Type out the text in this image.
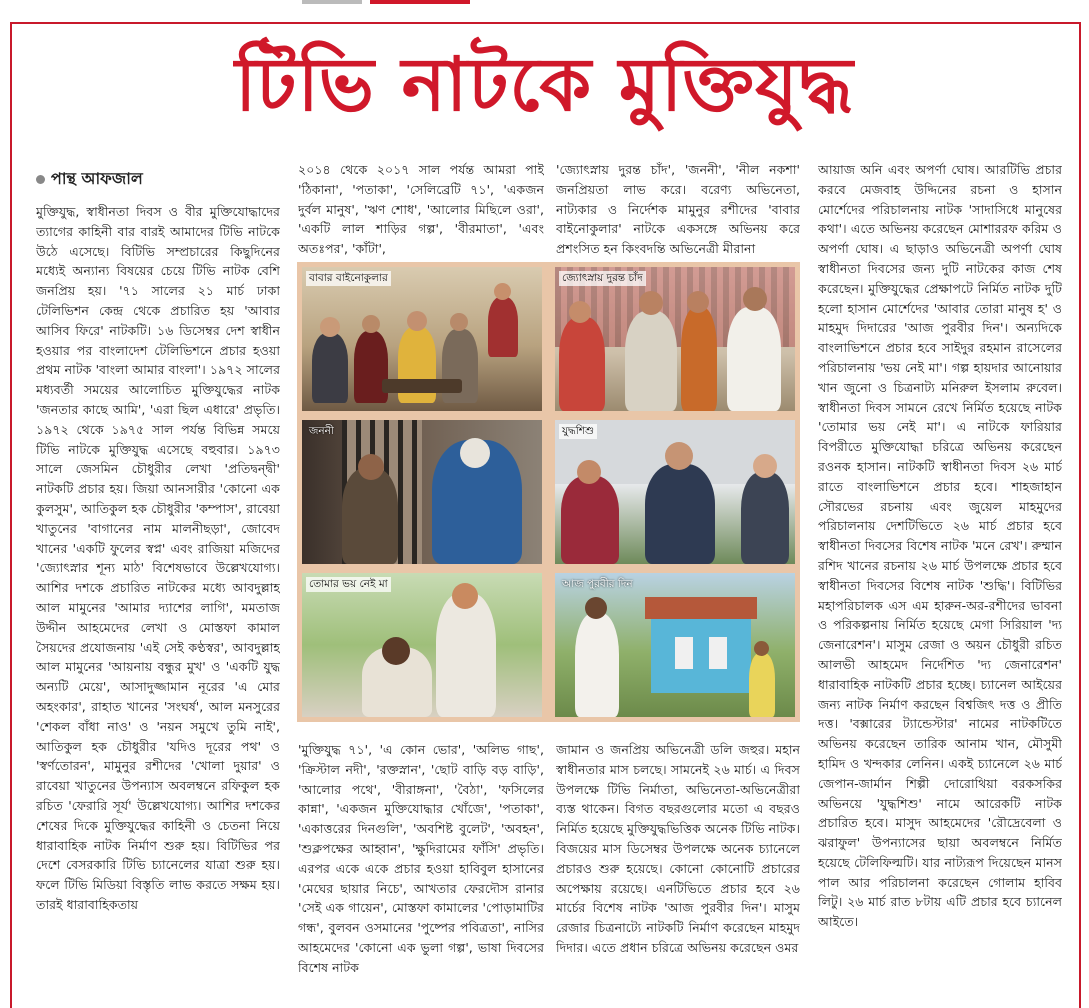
টিভি নাটকে মুক্তিযুদ্ধ
পান্থ আফজাল

মুক্তিযুদ্ধ, স্বাধীনতা দিবস ও বীর মুক্তিযোদ্ধাদের ত্যাগের কাহিনী বার বারই আমাদের টিভি নাটকে উঠে এসেছে। বিটিভি সম্প্রচারের কিছুদিনের মধ্যেই অন্যান্য বিষয়ের চেয়ে টিভি নাটক বেশি জনপ্রিয় হয়। '৭১ সালের ২১ মার্চ ঢাকা টেলিভিশন কেন্দ্র থেকে প্রচারিত হয় 'আবার আসিব ফিরে' নাটকটি। ১৬ ডিসেম্বর দেশ স্বাধীন হওয়ার পর বাংলাদেশ টেলিভিশনে প্রচার হওয়া প্রথম নাটক 'বাংলা আমার বাংলা'। ১৯৭২ সালের মধ্যবর্তী সময়ের আলোচিত মুক্তিযুদ্ধের নাটক 'জনতার কাছে আমি', 'এরা ছিল এধারে' প্রভৃতি। ১৯৭২ থেকে ১৯৭৫ সাল পর্যন্ত বিভিন্ন সময়ে টিভি নাটকে মুক্তিযুদ্ধ এসেছে বহুবার। ১৯৭৩ সালে জেসমিন চৌধুরীর লেখা 'প্রতিদ্বন্দ্বী' নাটকটি প্রচার হয়। জিয়া আনসারীর 'কোনো এক কুলসুম', আতিকুল হক চৌধুরীর 'কম্পাস', রাবেয়া খাতুনের 'বাগানের নাম মালনীছড়া', জোবেদ খানের 'একটি ফুলের স্বপ্ন' এবং রাজিয়া মজিদের 'জ্যোৎস্নার শূন্য মাঠ' বিশেষভাবে উল্লেখযোগ্য। আশির দশকে প্রচারিত নাটকের মধ্যে আবদুল্লাহ আল মামুনের 'আমার দ্যাশের লাগি', মমতাজ উদ্দীন আহমেদের লেখা ও মোস্তফা কামাল সৈয়দের প্রযোজনায় 'এই সেই কণ্ঠস্বর', আবদুল্লাহ আল মামুনের 'আয়নায় বন্ধুর মুখ' ও 'একটি যুদ্ধ অন্যটি মেয়ে', আসাদুজ্জামান নূরের 'এ মোর অহংকার', রাহাত খানের 'সংঘর্ষ', আল মনসুরের 'শেকল বাঁধা নাও' ও 'নয়ন সমুখে তুমি নাই', আতিকুল হক চৌধুরীর 'যদিও দূরের পথ' ও 'স্বর্ণতোরন', মামুনুর রশীদের 'খোলা দুয়ার' ও রাবেয়া খাতুনের উপন্যাস অবলম্বনে রফিকুল হক রচিত 'ফেরারি সূর্য' উল্লেখযোগ্য। আশির দশকের শেষের দিকে মুক্তিযুদ্ধের কাহিনী ও চেতনা নিয়ে ধারাবাহিক নাটক নির্মাণ শুরু হয়। বিটিভির পর দেশে বেসরকারি টিভি চ্যানেলের যাত্রা শুরু হয়। ফলে টিভি মিডিয়া বিস্তৃতি লাভ করতে সক্ষম হয়। তারই ধারাবাহিকতায়

২০১৪ থেকে ২০১৭ সাল পর্যন্ত আমরা পাই 'ঠিকানা', 'পতাকা', 'সেলিব্রেটি ৭১', 'একজন দুর্বল মানুষ', 'ঋণ শোধ', 'আলোর মিছিলে ওরা', 'একটি লাল শাড়ির গল্প', 'বীরমাতা', 'এবং অতঃপর', 'কাঁটা',

'জ্যোৎস্নায় দুরন্ত চাঁদ', 'জননী', 'নীল নকশা' জনপ্রিয়তা লাভ করে। বরেণ্য অভিনেতা, নাট্যকার ও নির্দেশক মামুনুর রশীদের 'বাবার বাইনোকুলার' নাটকে একসঙ্গে অভিনয় করে প্রশংসিত হন কিংবদন্তি অভিনেত্রী মীরানা

বাবার বাইনোকুলার	জ্যোৎস্নায় দুরন্ত চাঁদ
জননী	যুদ্ধশিশু
তোমার ভয় নেই মা	আজ পুরবীর দিন

'মুক্তিযুদ্ধ ৭১', 'এ কোন ভোর', 'অলিভ গাছ', 'ক্রিস্টাল নদী', 'রক্তস্নান', 'ছোট বাড়ি বড় বাড়ি', 'আলোর পথে', 'বীরাঙ্গনা', 'বৈঠা', 'ফসিলের কান্না', 'একজন মুক্তিযোদ্ধার খোঁজে', 'পতাকা', 'একাত্তরের দিনগুলি', 'অবশিষ্ট বুলেট', 'অবহন', 'শুক্লপক্ষের আহ্বান', 'ক্ষুদিরামের ফাঁসি' প্রভৃতি। এরপর একে একে প্রচার হওয়া হাবিবুল হাসানের 'মেঘের ছায়ার নিচে', আখতার ফেরদৌস রানার 'সেই এক গায়েন', মোস্তফা কামালের 'পোড়ামাটির গন্ধ', বুলবন ওসমানের 'পুষ্পের পবিত্রতা', নাসির আহমেদের 'কোনো এক ভুলা গল্প', ভাষা দিবসের বিশেষ নাটক

জামান ও জনপ্রিয় অভিনেত্রী ডলি জহুর। মহান স্বাধীনতার মাস চলছে। সামনেই ২৬ মার্চ। এ দিবস উপলক্ষে টিভি নির্মাতা, অভিনেতা-অভিনেত্রীরা ব্যস্ত থাকেন। বিগত বছরগুলোর মতো এ বছরও নির্মিত হয়েছে মুক্তিযুদ্ধভিত্তিক অনেক টিভি নাটক। বিজয়ের মাস ডিসেম্বর উপলক্ষে অনেক চ্যানেলে প্রচারও শুরু হয়েছে। কোনো কোনোটি প্রচারের অপেক্ষায় রয়েছে। এনটিভিতে প্রচার হবে ২৬ মার্চের বিশেষ নাটক 'আজ পুরবীর দিন'। মাসুম রেজার চিত্রনাট্যে নাটকটি নির্মাণ করেছেন মাহমুদ দিদার। এতে প্রধান চরিত্রে অভিনয় করেছেন ওমর

আয়াজ অনি এবং অপর্ণা ঘোষ। আরটিভি প্রচার করবে মেজবাহ উদ্দিনের রচনা ও হাসান মোর্শেদের পরিচালনায় নাটক 'সাদাসিধে মানুষের কথা'। এতে অভিনয় করেছেন মোশাররফ করিম ও অপর্ণা ঘোষ। এ ছাড়াও অভিনেত্রী অপর্ণা ঘোষ স্বাধীনতা দিবসের জন্য দুটি নাটকের কাজ শেষ করেছেন। মুক্তিযুদ্ধের প্রেক্ষাপটে নির্মিত নাটক দুটি হলো হাসান মোর্শেদের 'আবার তোরা মানুষ হ' ও মাহমুদ দিদারের 'আজ পুরবীর দিন'। অন্যদিকে বাংলাভিশনে প্রচার হবে সাইদুর রহমান রাসেলের পরিচালনায় 'ভয় নেই মা'। গল্প হায়দার আনোয়ার খান জুনো ও চিত্রনাট্য মনিরুল ইসলাম রুবেল। স্বাধীনতা দিবস সামনে রেখে নির্মিত হয়েছে নাটক 'তোমার ভয় নেই মা'। এ নাটকে ফারিয়ার বিপরীতে মুক্তিযোদ্ধা চরিত্রে অভিনয় করেছেন রওনক হাসান। নাটকটি স্বাধীনতা দিবস ২৬ মার্চ রাতে বাংলাভিশনে প্রচার হবে। শাহজাহান সৌরভের রচনায় এবং জুয়েল মাহমুদের পরিচালনায় দেশটিভিতে ২৬ মার্চ প্রচার হবে স্বাধীনতা দিবসের বিশেষ নাটক 'মনে রেখ'। রুম্মান রশিদ খানের রচনায় ২৬ মার্চ উপলক্ষে প্রচার হবে স্বাধীনতা দিবসের বিশেষ নাটক 'শুদ্ধি'। বিটিভির মহাপরিচালক এস এম হারুন-অর-রশীদের ভাবনা ও পরিকল্পনায় নির্মিত হয়েছে মেগা সিরিয়াল 'দ্য জেনারেশন'। মাসুম রেজা ও অয়ন চৌধুরী রচিত আলভী আহমেদ নির্দেশিত 'দ্য জেনারেশন' ধারাবাহিক নাটকটি প্রচার হচ্ছে। চ্যানেল আইয়ের জন্য নাটক নির্মাণ করছেন বিশ্বজিৎ দত্ত ও প্রীতি দত্ত। 'বক্সারের ট্যান্ডেস্টার' নামের নাটকটিতে অভিনয় করেছেন তারিক আনাম খান, মৌসুমী হামিদ ও খন্দকার লেনিন। একই চ্যানেলে ২৬ মার্চ জেপান-জার্মান শিল্পী দোরোথিয়া বরকসকির অভিনয়ে 'যুদ্ধশিশু' নামে আরেকটি নাটক প্রচারিত হবে। মাসুদ আহমেদের 'রৌদ্রেবেলা ও ঝরাফুল' উপন্যাসের ছায়া অবলম্বনে নির্মিত হয়েছে টেলিফিল্মটি। যার নাট্যরূপ দিয়েছেন মানস পাল আর পরিচালনা করেছেন গোলাম হাবিব লিটু। ২৬ মার্চ রাত ৮টায় এটি প্রচার হবে চ্যানেল আইতে।
